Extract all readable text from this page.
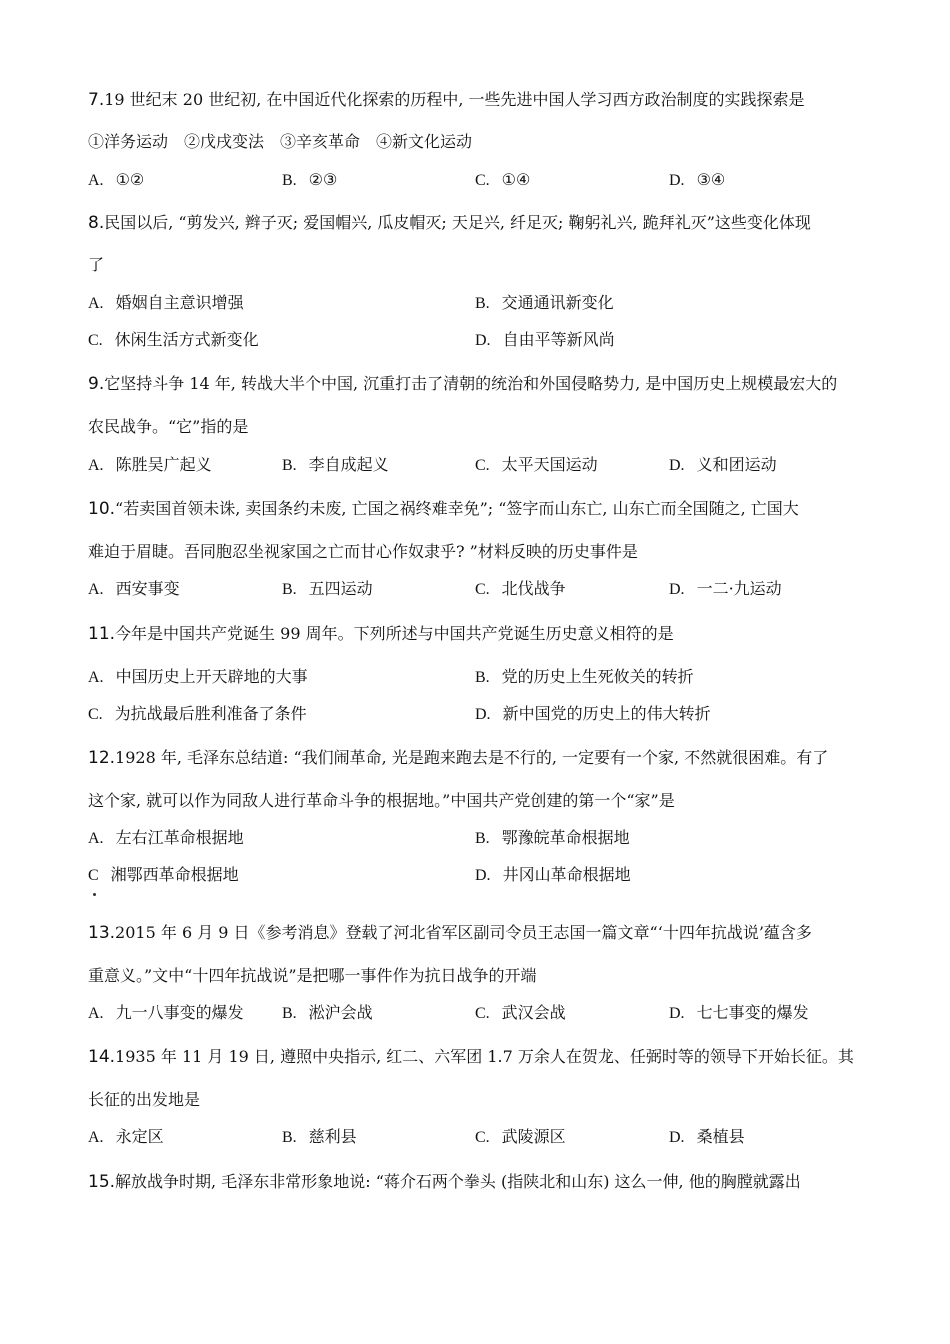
7.19 世纪末 20 世纪初, 在中国近代化探索的历程中, 一些先进中国人学习西方政治制度的实践探索是
①洋务运动　②戊戌变法　③辛亥革命　④新文化运动
A. ①②	B. ②③	C. ①④	D. ③④
8.民国以后, “剪发兴, 辫子灭; 爱国帽兴, 瓜皮帽灭; 天足兴, 纤足灭; 鞠躬礼兴, 跪拜礼灭”这些变化体现
了
A. 婚姻自主意识增强	B. 交通通讯新变化
C. 休闲生活方式新变化	D. 自由平等新风尚
9.它坚持斗争 14 年, 转战大半个中国, 沉重打击了清朝的统治和外国侵略势力, 是中国历史上规模最宏大的
农民战争。“它”指的是
A. 陈胜吴广起义	B. 李自成起义	C. 太平天国运动	D. 义和团运动
10.“若卖国首领未诛, 卖国条约未废, 亡国之祸终难幸免”; “签字而山东亡, 山东亡而全国随之, 亡国大
难迫于眉睫。吾同胞忍坐视家国之亡而甘心作奴隶乎? ”材料反映的历史事件是
A. 西安事变	B. 五四运动	C. 北伐战争	D. 一二·九运动
11.今年是中国共产党诞生 99 周年。下列所述与中国共产党诞生历史意义相符的是
A. 中国历史上开天辟地的大事	B. 党的历史上生死攸关的转折
C. 为抗战最后胜利准备了条件	D. 新中国党的历史上的伟大转折
12.1928 年, 毛泽东总结道: “我们闹革命, 光是跑来跑去是不行的, 一定要有一个家, 不然就很困难。有了
这个家, 就可以作为同敌人进行革命斗争的根据地。”中国共产党创建的第一个“家”是
A. 左右江革命根据地	B. 鄂豫皖革命根据地
C 湘鄂西革命根据地	D. 井冈山革命根据地
13.2015 年 6 月 9 日《参考消息》登载了河北省军区副司令员王志国一篇文章“‘十四年抗战说’蕴含多
重意义。”文中“十四年抗战说”是把哪一事件作为抗日战争的开端
A. 九一八事变的爆发 B. 淞沪会战	C. 武汉会战	D. 七七事变的爆发
14.1935 年 11 月 19 日, 遵照中央指示, 红二、六军团 1.7 万余人在贺龙、任弼时等的领导下开始长征。其
长征的出发地是
A. 永定区	B. 慈利县	C. 武陵源区	D. 桑植县
15.解放战争时期, 毛泽东非常形象地说: “蒋介石两个拳头 (指陕北和山东) 这么一伸, 他的胸膛就露出
